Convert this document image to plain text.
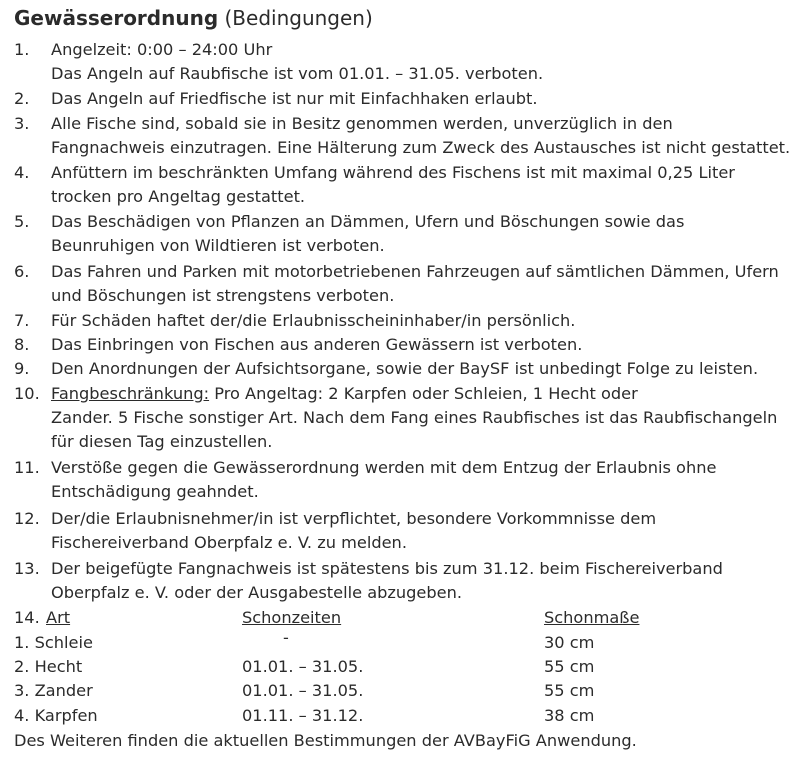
Gewässerordnung (Bedingungen)
1. Angelzeit: 0:00 – 24:00 Uhr
Das Angeln auf Raubfische ist vom 01.01. – 31.05. verboten.
2. Das Angeln auf Friedfische ist nur mit Einfachhaken erlaubt.
3. Alle Fische sind, sobald sie in Besitz genommen werden, unverzüglich in den
Fangnachweis einzutragen. Eine Hälterung zum Zweck des Austausches ist nicht gestattet.
4. Anfüttern im beschränkten Umfang während des Fischens ist mit maximal 0,25 Liter
trocken pro Angeltag gestattet.
5. Das Beschädigen von Pflanzen an Dämmen, Ufern und Böschungen sowie das
Beunruhigen von Wildtieren ist verboten.
6. Das Fahren und Parken mit motorbetriebenen Fahrzeugen auf sämtlichen Dämmen, Ufern
und Böschungen ist strengstens verboten.
7. Für Schäden haftet der/die Erlaubnisscheininhaber/in persönlich.
8. Das Einbringen von Fischen aus anderen Gewässern ist verboten.
9. Den Anordnungen der Aufsichtsorgane, sowie der BaySF ist unbedingt Folge zu leisten.
10. Fangbeschränkung: Pro Angeltag: 2 Karpfen oder Schleien, 1 Hecht oder
Zander. 5 Fische sonstiger Art. Nach dem Fang eines Raubfisches ist das Raubfischangeln
für diesen Tag einzustellen.
11. Verstöße gegen die Gewässerordnung werden mit dem Entzug der Erlaubnis ohne
Entschädigung geahndet.
12. Der/die Erlaubnisnehmer/in ist verpflichtet, besondere Vorkommnisse dem
Fischereiverband Oberpfalz e. V. zu melden.
13. Der beigefügte Fangnachweis ist spätestens bis zum 31.12. beim Fischereiverband
Oberpfalz e. V. oder der Ausgabestelle abzugeben.
14. Art	Schonzeiten	Schonmaße
1. Schleie	-	30 cm
2. Hecht	01.01. – 31.05.	55 cm
3. Zander	01.01. – 31.05.	55 cm
4. Karpfen	01.11. – 31.12.	38 cm
Des Weiteren finden die aktuellen Bestimmungen der AVBayFiG Anwendung.
